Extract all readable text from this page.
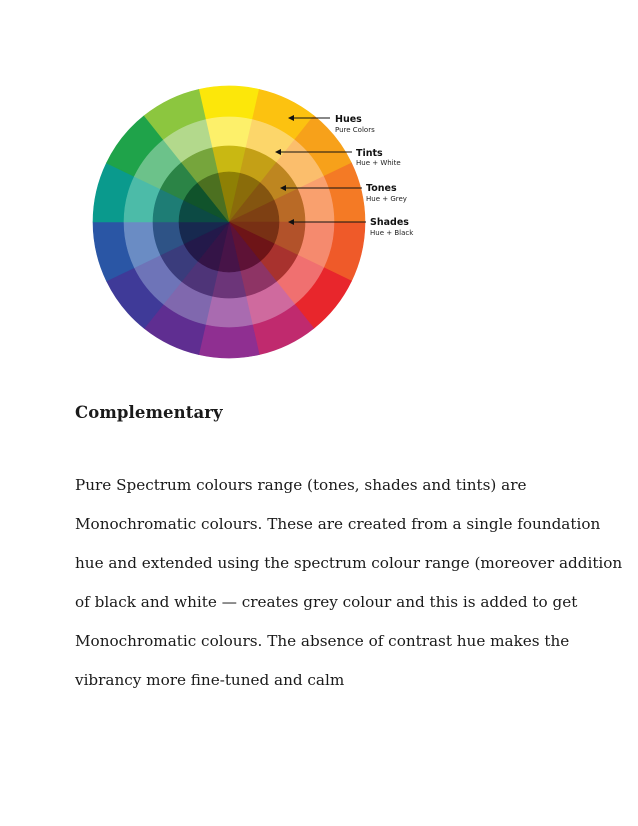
Hues
Pure Colors
Tints
Hue + White
Tones
Hue + Grey
Shades
Hue + Black
Complementary

Pure Spectrum colours range (tones, shades and tints) are
Monochromatic colours. These are created from a single foundation
hue and extended using the spectrum colour range (moreover addition
of black and white — creates grey colour and this is added to get
Monochromatic colours. The absence of contrast hue makes the
vibrancy more fine-tuned and calm
